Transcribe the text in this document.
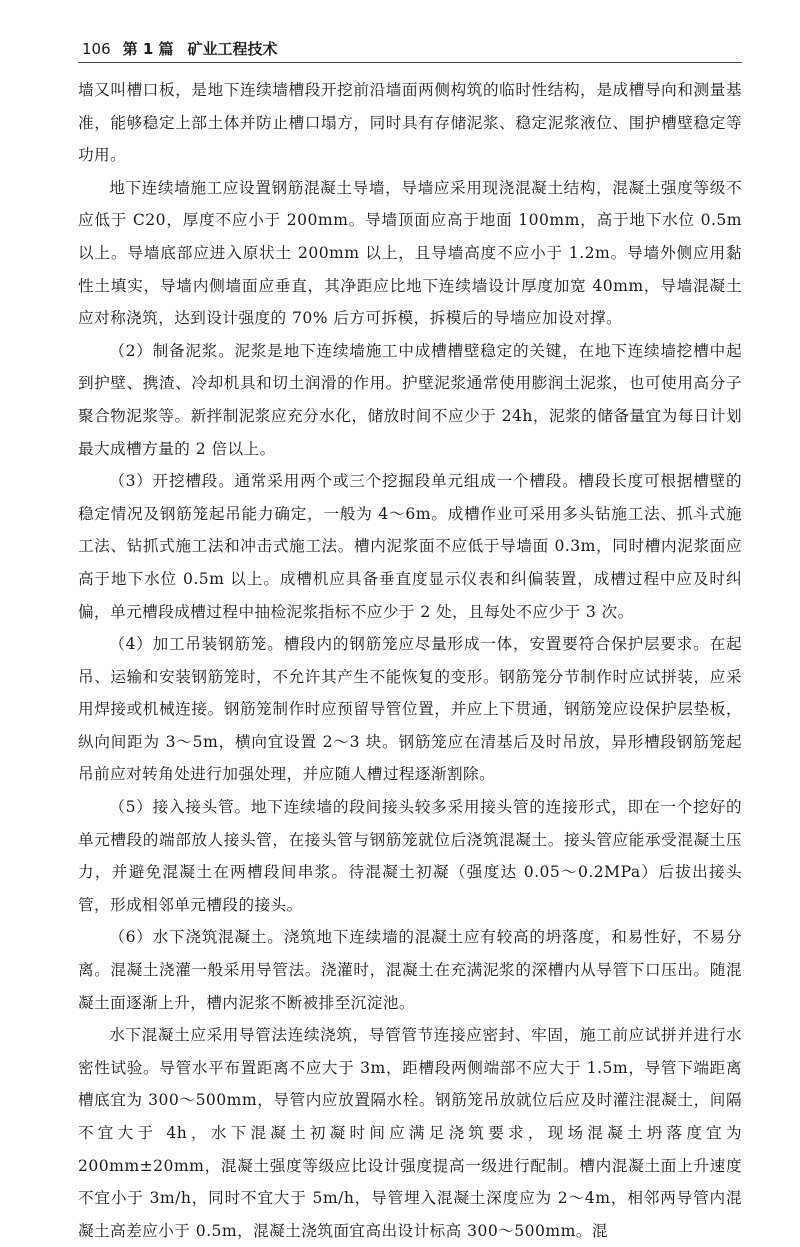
106 第 1 篇 矿业工程技术

墙又叫槽口板，是地下连续墙槽段开挖前沿墙面两侧构筑的临时性结构，是成槽导向和测量基准，能够稳定上部土体并防止槽口塌方，同时具有存储泥浆、稳定泥浆液位、围护槽壁稳定等功用。

地下连续墙施工应设置钢筋混凝土导墙，导墙应采用现浇混凝土结构，混凝土强度等级不应低于 C20，厚度不应小于 200mm。导墙顶面应高于地面 100mm，高于地下水位 0.5m 以上。导墙底部应进入原状土 200mm 以上，且导墙高度不应小于 1.2m。导墙外侧应用黏性土填实，导墙内侧墙面应垂直，其净距应比地下连续墙设计厚度加宽 40mm，导墙混凝土应对称浇筑，达到设计强度的 70% 后方可拆模，拆模后的导墙应加设对撑。

（2）制备泥浆。泥浆是地下连续墙施工中成槽槽壁稳定的关键，在地下连续墙挖槽中起到护壁、携渣、冷却机具和切土润滑的作用。护壁泥浆通常使用膨润土泥浆，也可使用高分子聚合物泥浆等。新拌制泥浆应充分水化，储放时间不应少于 24h，泥浆的储备量宜为每日计划最大成槽方量的 2 倍以上。

（3）开挖槽段。通常采用两个或三个挖掘段单元组成一个槽段。槽段长度可根据槽壁的稳定情况及钢筋笼起吊能力确定，一般为 4～6m。成槽作业可采用多头钻施工法、抓斗式施工法、钻抓式施工法和冲击式施工法。槽内泥浆面不应低于导墙面 0.3m，同时槽内泥浆面应高于地下水位 0.5m 以上。成槽机应具备垂直度显示仪表和纠偏装置，成槽过程中应及时纠偏，单元槽段成槽过程中抽检泥浆指标不应少于 2 处，且每处不应少于 3 次。

（4）加工吊装钢筋笼。槽段内的钢筋笼应尽量形成一体，安置要符合保护层要求。在起吊、运输和安装钢筋笼时，不允许其产生不能恢复的变形。钢筋笼分节制作时应试拼装，应采用焊接或机械连接。钢筋笼制作时应预留导管位置，并应上下贯通，钢筋笼应设保护层垫板，纵向间距为 3～5m，横向宜设置 2～3 块。钢筋笼应在清基后及时吊放，异形槽段钢筋笼起吊前应对转角处进行加强处理，并应随人槽过程逐渐割除。

（5）接入接头管。地下连续墙的段间接头较多采用接头管的连接形式，即在一个挖好的单元槽段的端部放人接头管，在接头管与钢筋笼就位后浇筑混凝土。接头管应能承受混凝土压力，并避免混凝土在两槽段间串浆。待混凝土初凝（强度达 0.05～0.2MPa）后拔出接头管，形成相邻单元槽段的接头。

（6）水下浇筑混凝土。浇筑地下连续墙的混凝土应有较高的坍落度，和易性好，不易分离。混凝土浇灌一般采用导管法。浇灌时，混凝土在充满泥浆的深槽内从导管下口压出。随混凝土面逐渐上升，槽内泥浆不断被排至沉淀池。

水下混凝土应采用导管法连续浇筑，导管管节连接应密封、牢固，施工前应试拼并进行水密性试验。导管水平布置距离不应大于 3m，距槽段两侧端部不应大于 1.5m，导管下端距离槽底宜为 300～500mm，导管内应放置隔水栓。钢筋笼吊放就位后应及时灌注混凝土，间隔不宜大于 4h，水下混凝土初凝时间应满足浇筑要求，现场混凝土坍落度宜为 200mm±20mm，混凝土强度等级应比设计强度提高一级进行配制。槽内混凝土面上升速度不宜小于 3m/h，同时不宜大于 5m/h，导管埋入混凝土深度应为 2～4m，相邻两导管内混凝土高差应小于 0.5m，混凝土浇筑面宜高出设计标高 300～500mm。混
